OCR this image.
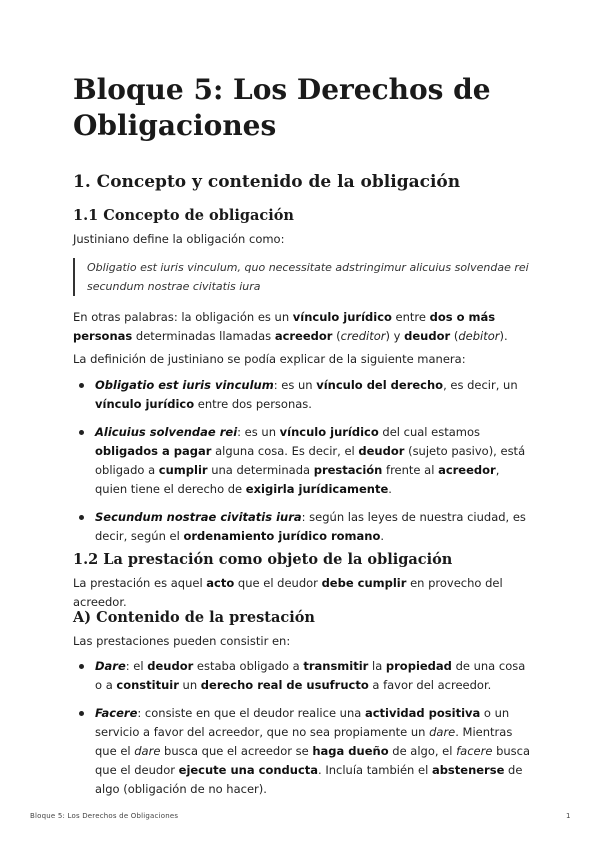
Bloque 5: Los Derechos de Obligaciones
1. Concepto y contenido de la obligación
1.1 Concepto de obligación

Justiniano define la obligación como:

Obligatio est iuris vinculum, quo necessitate adstringimur alicuius solvendae rei secundum nostrae civitatis iura

En otras palabras: la obligación es un vínculo jurídico entre dos o más personas determinadas llamadas acreedor (creditor) y deudor (debitor).

La definición de justiniano se podía explicar de la siguiente manera:

Obligatio est iuris vinculum: es un vínculo del derecho, es decir, un vínculo jurídico entre dos personas.
Alicuius solvendae rei: es un vínculo jurídico del cual estamos obligados a pagar alguna cosa. Es decir, el deudor (sujeto pasivo), está obligado a cumplir una determinada prestación frente al acreedor, quien tiene el derecho de exigirla jurídicamente.
Secundum nostrae civitatis iura: según las leyes de nuestra ciudad, es decir, según el ordenamiento jurídico romano.
1.2 La prestación como objeto de la obligación

La prestación es aquel acto que el deudor debe cumplir en provecho del acreedor.

A) Contenido de la prestación

Las prestaciones pueden consistir en:

Dare: el deudor estaba obligado a transmitir la propiedad de una cosa o a constituir un derecho real de usufructo a favor del acreedor.
Facere: consiste en que el deudor realice una actividad positiva o un servicio a favor del acreedor, que no sea propiamente un dare. Mientras que el dare busca que el acreedor se haga dueño de algo, el facere busca que el deudor ejecute una conducta. Incluía también el abstenerse de algo (obligación de no hacer).
Bloque 5: Los Derechos de Obligaciones	1
